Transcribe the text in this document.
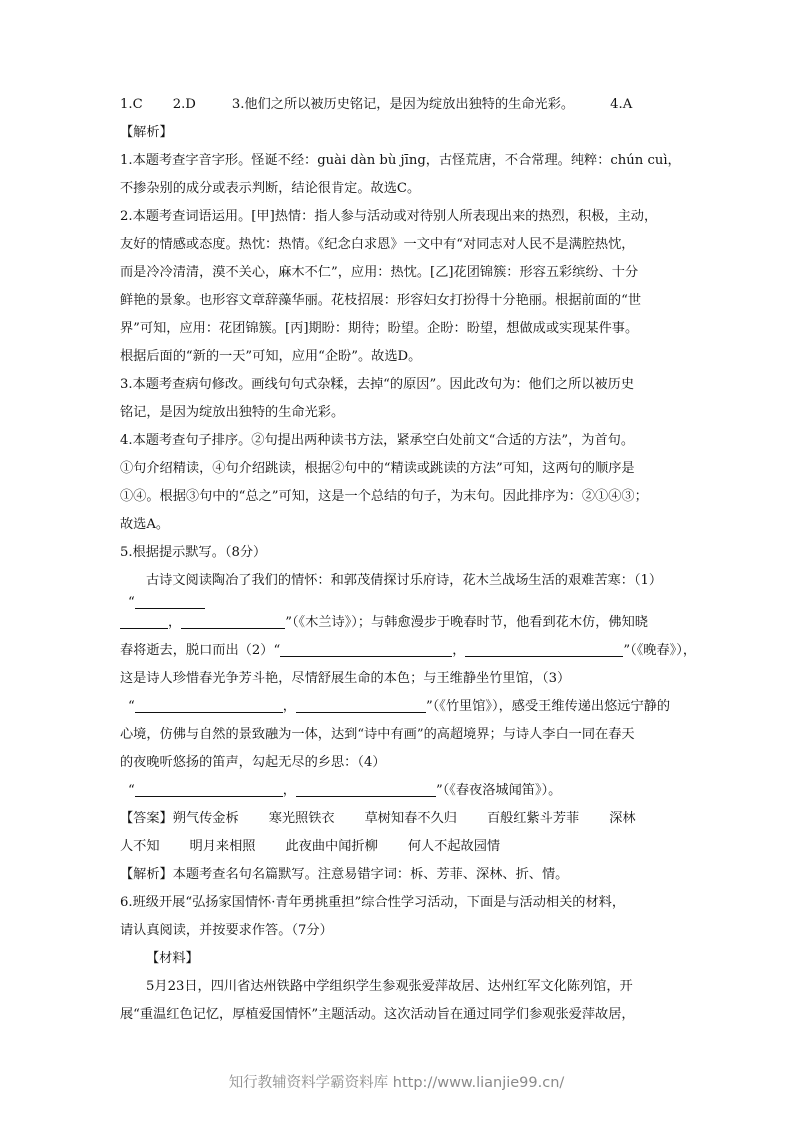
1.C 2.D	3.他们之所以被历史铭记，是因为绽放出独特的生命光彩。	4.A
【解析】
1.本题考查字音字形。怪诞不经：guài dàn bù jīng，古怪荒唐，不合常理。纯粹：chún cuì，
不掺杂别的成分或表示判断，结论很肯定。故选C。
2.本题考查词语运用。[甲]热情：指人参与活动或对待别人所表现出来的热烈，积极，主动，
友好的情感或态度。热忱：热情。《纪念白求恩》一文中有“对同志对人民不是满腔热忱，
而是冷冷清清，漠不关心，麻木不仁”，应用：热忱。[乙]花团锦簇：形容五彩缤纷、十分
鲜艳的景象。也形容文章辞藻华丽。花枝招展：形容妇女打扮得十分艳丽。根据前面的“世
界”可知，应用：花团锦簇。[丙]期盼：期待；盼望。企盼：盼望，想做成或实现某件事。
根据后面的“新的一天”可知，应用“企盼”。故选D。
3.本题考查病句修改。画线句句式杂糅，去掉“的原因”。因此改句为：他们之所以被历史
铭记，是因为绽放出独特的生命光彩。
4.本题考查句子排序。②句提出两种读书方法，紧承空白处前文“合适的方法”，为首句。
①句介绍精读，④句介绍跳读，根据②句中的“精读或跳读的方法”可知，这两句的顺序是
①④。根据③句中的“总之”可知，这是一个总结的句子，为末句。因此排序为：②①④③；
故选A。
5.根据提示默写。（8分）
古诗文阅读陶冶了我们的情怀：和郭茂倩探讨乐府诗，花木兰战场生活的艰难苦寒：（1）
“
，	”（《木兰诗》）；与韩愈漫步于晚春时节，他看到花木仿，佛知晓
春将逝去，脱口而出（2）“	，	”（《晚春》），
这是诗人珍惜春光争芳斗艳，尽情舒展生命的本色；与王维静坐竹里馆，（3）
“	，	”（《竹里馆》），感受王维传递出悠远宁静的
心境，仿佛与自然的景致融为一体，达到“诗中有画”的高超境界；与诗人李白一同在春天
的夜晚听悠扬的笛声，勾起无尽的乡思：（4）
“	，	”（《春夜洛城闻笛》）。
【答案】朔气传金柝 寒光照铁衣 草树知春不久归 百般红紫斗芳菲 深林
人不知 明月来相照 此夜曲中闻折柳 何人不起故园情
【解析】本题考查名句名篇默写。注意易错字词：柝、芳菲、深林、折、情。
6.班级开展“弘扬家国情怀·青年勇挑重担”综合性学习活动，下面是与活动相关的材料，
请认真阅读，并按要求作答。（7分）
【材料】
5月23日，四川省达州铁路中学组织学生参观张爱萍故居、达州红军文化陈列馆，开
展“重温红色记忆，厚植爱国情怀”主题活动。这次活动旨在通过同学们参观张爱萍故居，
知行教辅资料学霸资料库 http://www.lianjie99.cn/
